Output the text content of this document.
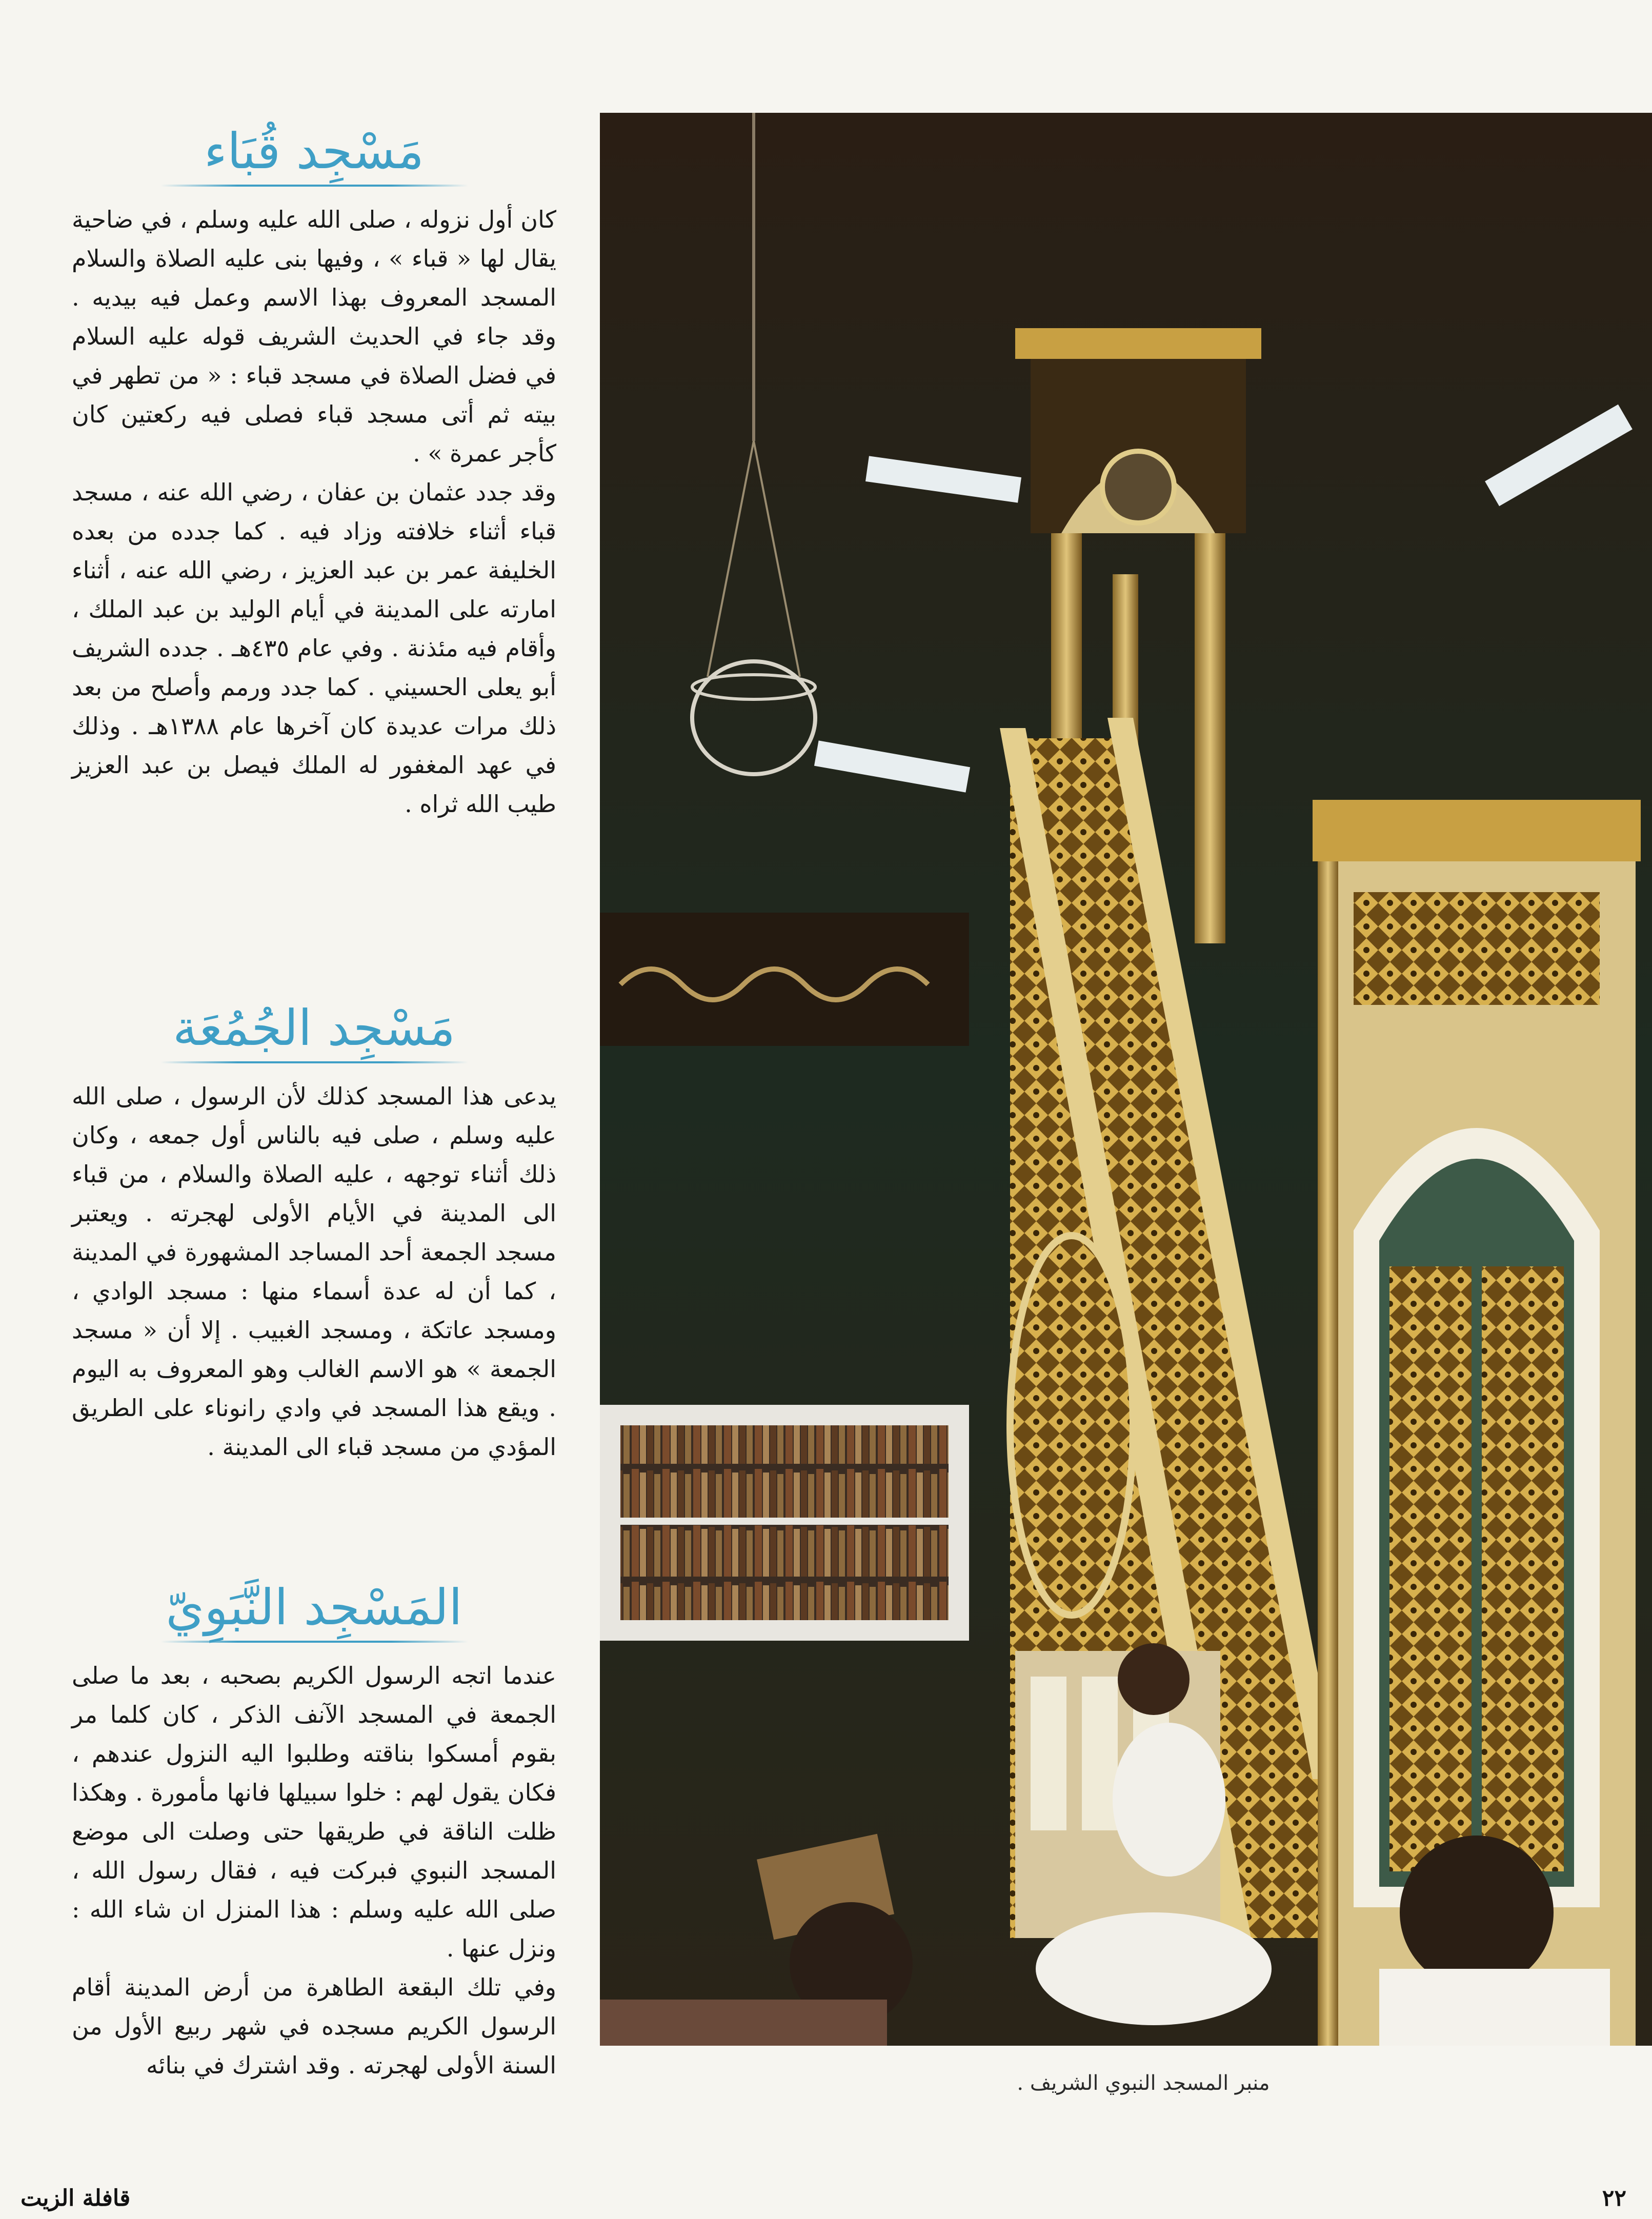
مَسْجِد قُبَاء

كان أول نزوله ، صلى الله عليه وسلم ، في ضاحية يقال لها « قباء » ، وفيها بنى عليه الصلاة والسلام المسجد المعروف بهذا الاسم وعمل فيه بيديه . وقد جاء في الحديث الشريف قوله عليه السلام في فضل الصلاة في مسجد قباء : « من تطهر في بيته ثم أتى مسجد قباء فصلى فيه ركعتين كان كأجر عمرة » .

وقد جدد عثمان بن عفان ، رضي الله عنه ، مسجد قباء أثناء خلافته وزاد فيه . كما جدده من بعده الخليفة عمر بن عبد العزيز ، رضي الله عنه ، أثناء امارته على المدينة في أيام الوليد بن عبد الملك ، وأقام فيه مئذنة . وفي عام ٤٣٥هـ . جدده الشريف أبو يعلى الحسيني . كما جدد ورمم وأصلح من بعد ذلك مرات عديدة كان آخرها عام ١٣٨٨هـ . وذلك في عهد المغفور له الملك فيصل بن عبد العزيز طيب الله ثراه .

مَسْجِد الجُمُعَة

يدعى هذا المسجد كذلك لأن الرسول ، صلى الله عليه وسلم ، صلى فيه بالناس أول جمعه ، وكان ذلك أثناء توجهه ، عليه الصلاة والسلام ، من قباء الى المدينة في الأيام الأولى لهجرته . ويعتبر مسجد الجمعة أحد المساجد المشهورة في المدينة ، كما أن له عدة أسماء منها : مسجد الوادي ، ومسجد عاتكة ، ومسجد الغبيب . إلا أن « مسجد الجمعة » هو الاسم الغالب وهو المعروف به اليوم . ويقع هذا المسجد في وادي رانوناء على الطريق المؤدي من مسجد قباء الى المدينة .

المَسْجِد النَّبَوِيّ

عندما اتجه الرسول الكريم بصحبه ، بعد ما صلى الجمعة في المسجد الآنف الذكر ، كان كلما مر بقوم أمسكوا بناقته وطلبوا اليه النزول عندهم ، فكان يقول لهم : خلوا سبيلها فانها مأمورة . وهكذا ظلت الناقة في طريقها حتى وصلت الى موضع المسجد النبوي فبركت فيه ، فقال رسول الله ، صلى الله عليه وسلم : هذا المنزل ان شاء الله : ونزل عنها .

وفي تلك البقعة الطاهرة من أرض المدينة أقام الرسول الكريم مسجده في شهر ربيع الأول من السنة الأولى لهجرته . وقد اشترك في بنائه

منبر المسجد النبوي الشريف .
قافلة الزيت	٢٢
